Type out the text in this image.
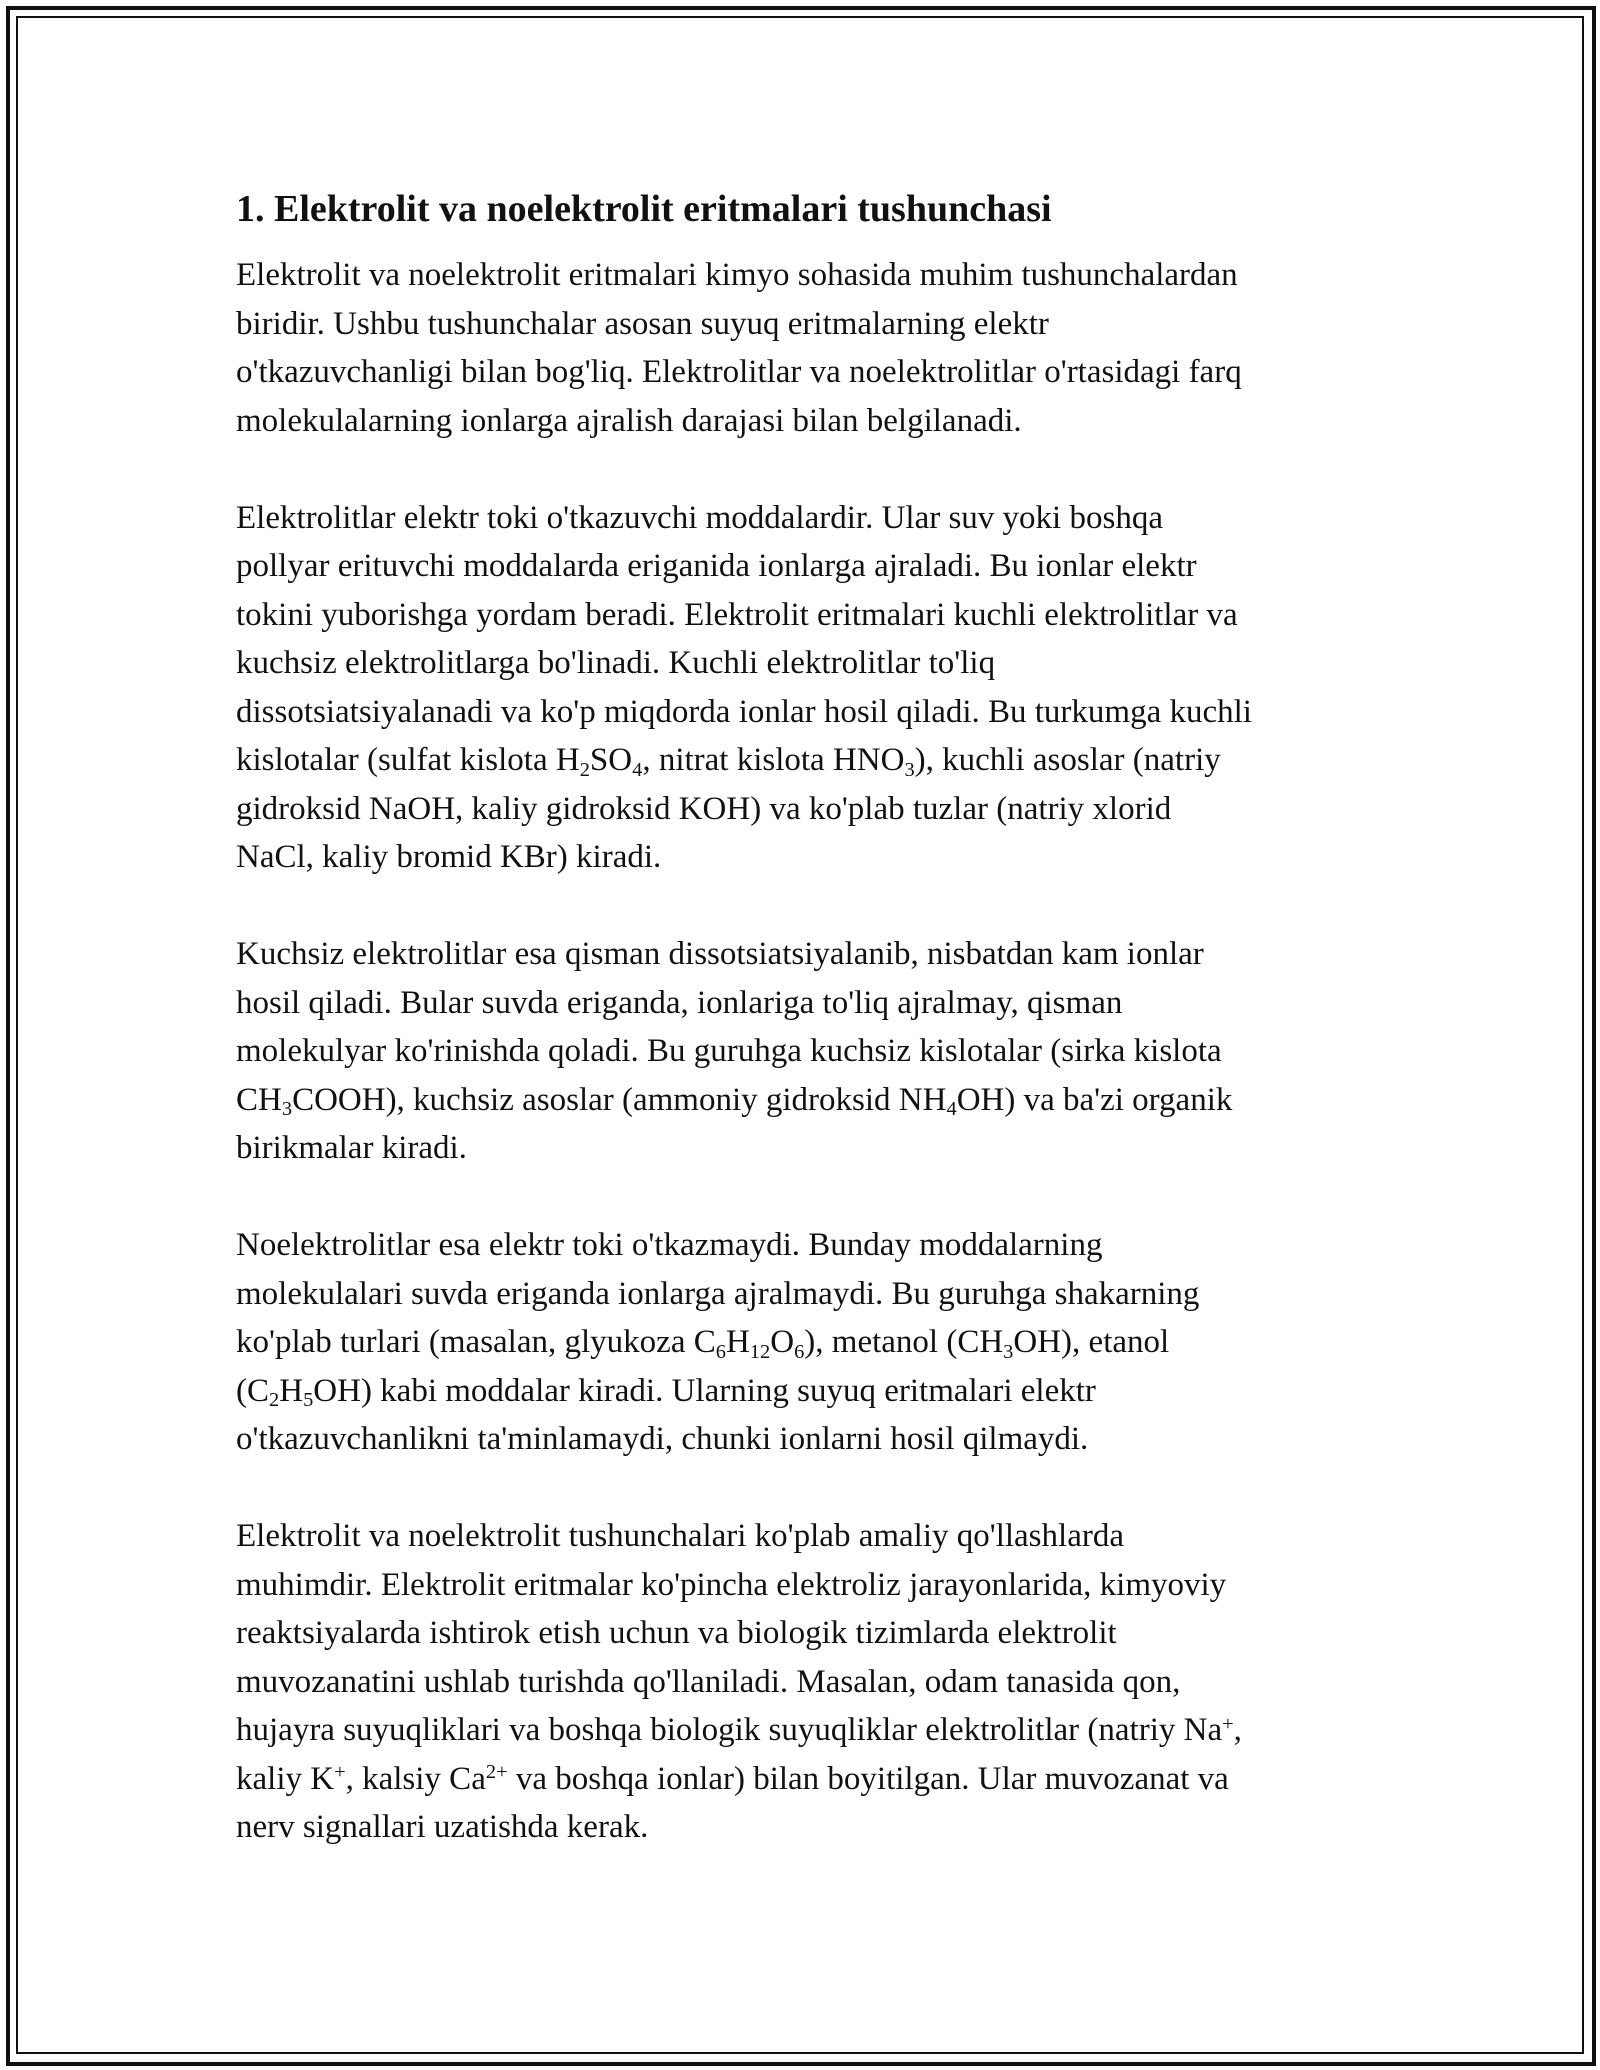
1. Elektrolit va noelektrolit eritmalari tushunchasi

Elektrolit va noelektrolit eritmalari kimyo sohasida muhim tushunchalardan
biridir. Ushbu tushunchalar asosan suyuq eritmalarning elektr
o'tkazuvchanligi bilan bog'liq. Elektrolitlar va noelektrolitlar o'rtasidagi farq
molekulalarning ionlarga ajralish darajasi bilan belgilanadi.

Elektrolitlar elektr toki o'tkazuvchi moddalardir. Ular suv yoki boshqa
pollyar erituvchi moddalarda eriganida ionlarga ajraladi. Bu ionlar elektr
tokini yuborishga yordam beradi. Elektrolit eritmalari kuchli elektrolitlar va
kuchsiz elektrolitlarga bo'linadi. Kuchli elektrolitlar to'liq
dissotsiatsiyalanadi va ko'p miqdorda ionlar hosil qiladi. Bu turkumga kuchli
kislotalar (sulfat kislota $H_2SO_4$, nitrat kislota $HNO_3$), kuchli asoslar (natriy
gidroksid NaOH, kaliy gidroksid KOH) va ko'plab tuzlar (natriy xlorid
NaCl, kaliy bromid KBr) kiradi.

Kuchsiz elektrolitlar esa qisman dissotsiatsiyalanib, nisbatdan kam ionlar
hosil qiladi. Bular suvda eriganda, ionlariga to'liq ajralmay, qisman
molekulyar ko'rinishda qoladi. Bu guruhga kuchsiz kislotalar (sirka kislota
$CH_3COOH$), kuchsiz asoslar (ammoniy gidroksid $NH_4OH$) va ba'zi organik
birikmalar kiradi.

Noelektrolitlar esa elektr toki o'tkazmaydi. Bunday moddalarning
molekulalari suvda eriganda ionlarga ajralmaydi. Bu guruhga shakarning
ko'plab turlari (masalan, glyukoza $C_6H_{12}O_6$), metanol $(CH_3OH)$, etanol
$(C_2H_5OH)$ kabi moddalar kiradi. Ularning suyuq eritmalari elektr
o'tkazuvchanlikni ta'minlamaydi, chunki ionlarni hosil qilmaydi.

Elektrolit va noelektrolit tushunchalari ko'plab amaliy qo'llashlarda
muhimdir. Elektrolit eritmalar ko'pincha elektroliz jarayonlarida, kimyoviy
reaktsiyalarda ishtirok etish uchun va biologik tizimlarda elektrolit
muvozanatini ushlab turishda qo'llaniladi. Masalan, odam tanasida qon,
hujayra suyuqliklari va boshqa biologik suyuqliklar elektrolitlar (natriy Na+,
kaliy K+, kalsiy $Ca^{2+}$ va boshqa ionlar) bilan boyitilgan. Ular muvozanat va
nerv signallari uzatishda kerak.
